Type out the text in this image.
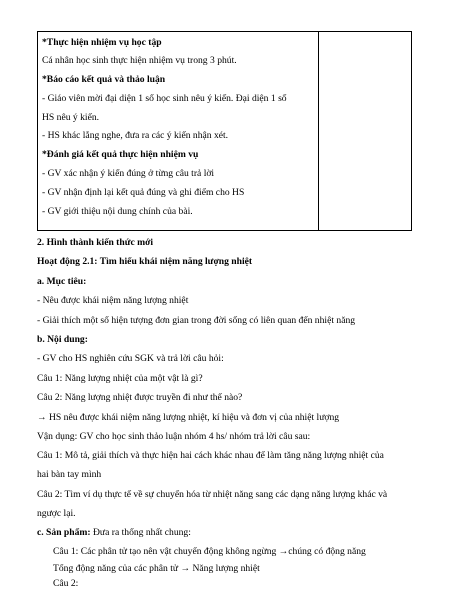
*Thực hiện nhiệm vụ học tập
Cá nhân học sinh thực hiện nhiệm vụ trong 3 phút.
*Báo cáo kết quả và thảo luận
- Giáo viên mời đại diện 1 số học sinh nêu ý kiến. Đại diện 1 số
HS nêu ý kiến.
- HS khác lắng nghe, đưa ra các ý kiến nhận xét.
*Đánh giá kết quả thực hiện nhiệm vụ
- GV xác nhận ý kiến đúng ở từng câu trả lời
- GV nhận định lại kết quả đúng và ghi điểm cho HS
- GV giới thiệu nội dung chính của bài.
2. Hình thành kiến thức mới
Hoạt động 2.1: Tìm hiểu khái niệm năng lượng nhiệt
a. Mục tiêu:
- Nêu được khái niệm năng lượng nhiệt
- Giải thích một số hiện tượng đơn gian trong đời sống có liên quan đến nhiệt năng
b. Nội dung:
- GV cho HS nghiên cứu SGK và trả lời câu hỏi:
Câu 1: Năng lượng nhiệt của một vật là gì?
Câu 2: Năng lượng nhiệt được truyền đi như thế nào?
→ HS nêu được khái niệm năng lượng nhiệt, kí hiệu và đơn vị của nhiệt lượng
Vận dụng: GV cho học sinh thảo luận nhóm 4 hs/ nhóm trả lời câu sau:
Câu 1: Mô tả, giải thích và thực hiện hai cách khác nhau để làm tăng năng lượng nhiệt của
hai bàn tay mình
Câu 2: Tìm ví dụ thực tế về sự chuyển hóa từ nhiệt năng sang các dạng năng lượng khác và
ngược lại.
c. Sản phẩm: Đưa ra thống nhất chung:
Câu 1: Các phân tử tạo nên vật chuyển động không ngừng →chúng có động năng
Tổng động năng của các phân tử → Năng lượng nhiệt
Câu 2:
